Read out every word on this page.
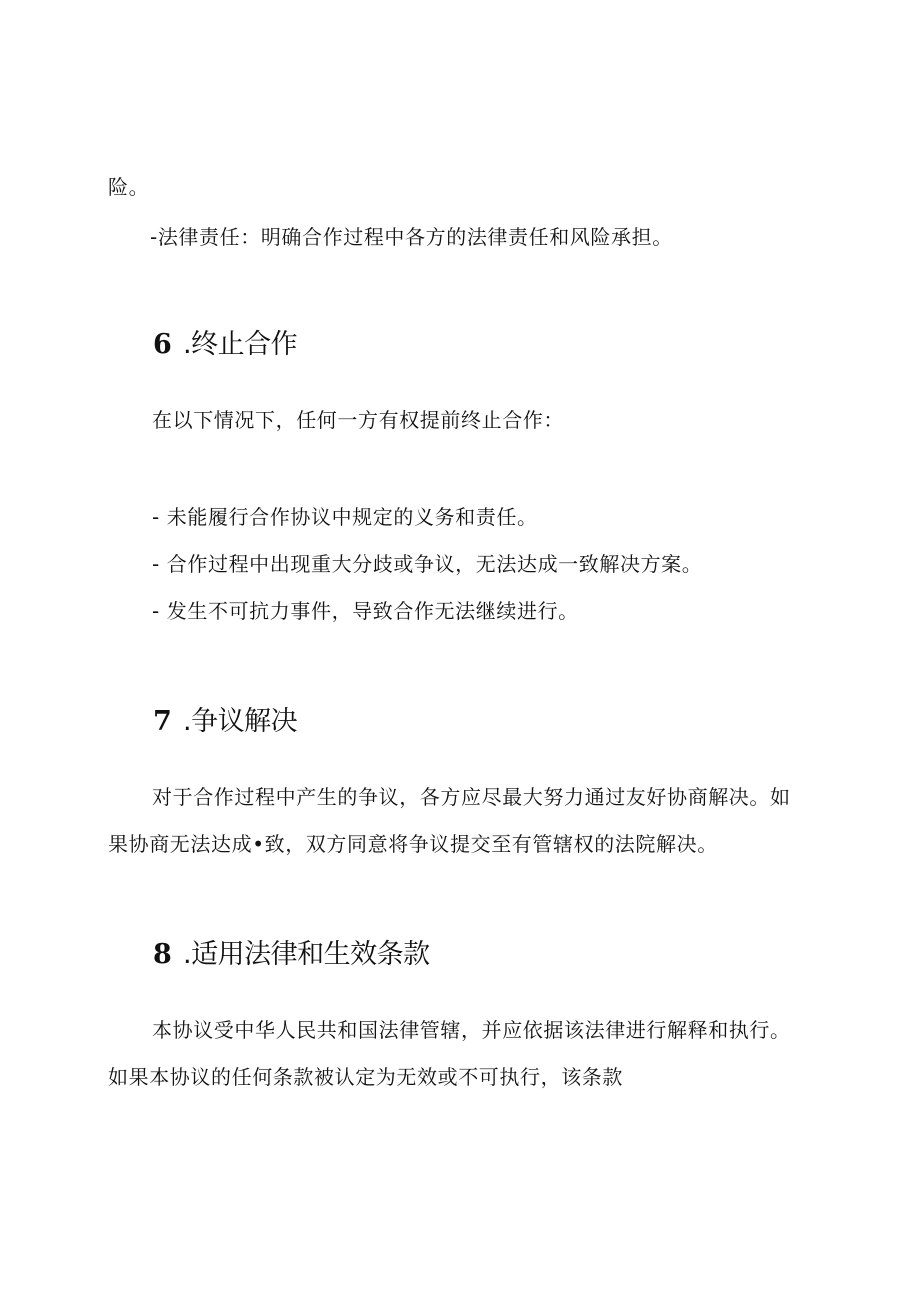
险。
-法律责任：明确合作过程中各方的法律责任和风险承担。
6 .终止合作
在以下情况下，任何一方有权提前终止合作：
- 未能履行合作协议中规定的义务和责任。
- 合作过程中出现重大分歧或争议，无法达成一致解决方案。
- 发生不可抗力事件，导致合作无法继续进行。
7 .争议解决
对于合作过程中产生的争议，各方应尽最大努力通过友好协商解决。如
果协商无法达成•致，双方同意将争议提交至有管辖权的法院解决。
8 .适用法律和生效条款
本协议受中华人民共和国法律管辖，并应依据该法律进行解释和执行。
如果本协议的任何条款被认定为无效或不可执行，该条款
